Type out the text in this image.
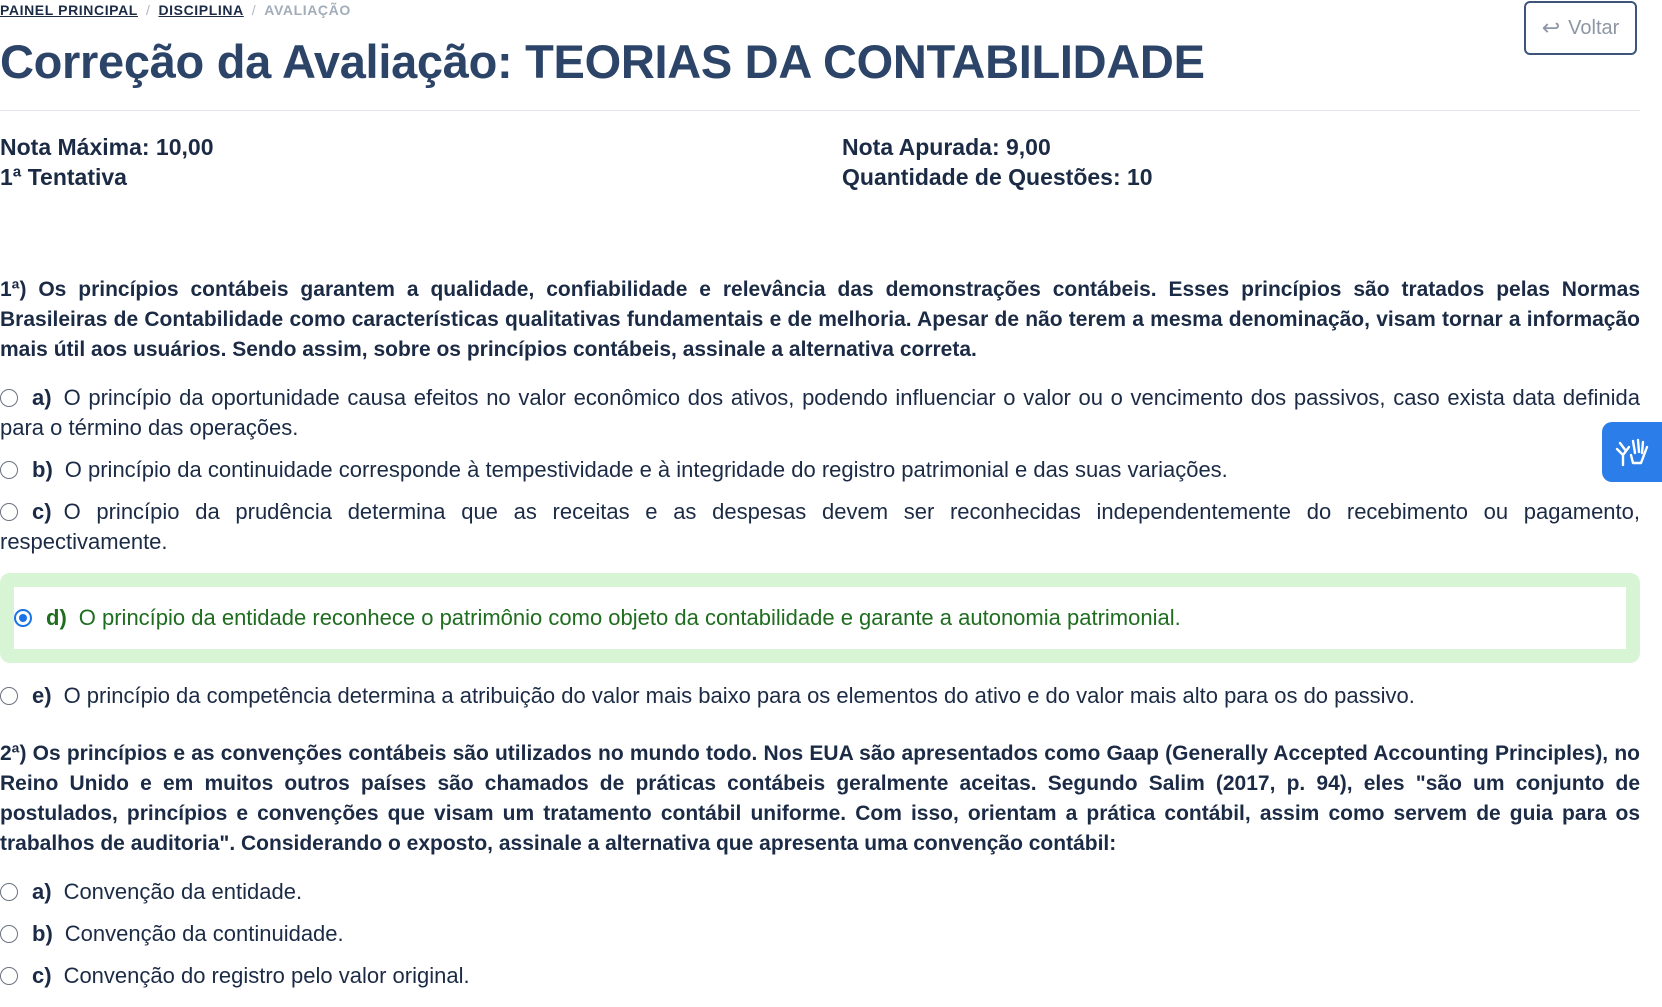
PAINEL PRINCIPAL / DISCIPLINA / AVALIAÇÃO
↩ Voltar
Correção da Avaliação: TEORIAS DA CONTABILIDADE
Nota Máxima: 10,00
1ª Tentativa
Nota Apurada: 9,00
Quantidade de Questões: 10

1ª) Os princípios contábeis garantem a qualidade, confiabilidade e relevância das demonstrações contábeis. Esses princípios são tratados pelas Normas Brasileiras de Contabilidade como características qualitativas fundamentais e de melhoria. Apesar de não terem a mesma denominação, visam tornar a informação mais útil aos usuários. Sendo assim, sobre os princípios contábeis, assinale a alternativa correta.

a) O princípio da oportunidade causa efeitos no valor econômico dos ativos, podendo influenciar o valor ou o vencimento dos passivos, caso exista data definida para o término das operações.
b) O princípio da continuidade corresponde à tempestividade e à integridade do registro patrimonial e das suas variações.
c) O princípio da prudência determina que as receitas e as despesas devem ser reconhecidas independentemente do recebimento ou pagamento, respectivamente.
d) O princípio da entidade reconhece o patrimônio como objeto da contabilidade e garante a autonomia patrimonial.
e) O princípio da competência determina a atribuição do valor mais baixo para os elementos do ativo e do valor mais alto para os do passivo.

2ª) Os princípios e as convenções contábeis são utilizados no mundo todo. Nos EUA são apresentados como Gaap (Generally Accepted Accounting Principles), no Reino Unido e em muitos outros países são chamados de práticas contábeis geralmente aceitas. Segundo Salim (2017, p. 94), eles "são um conjunto de postulados, princípios e convenções que visam um tratamento contábil uniforme. Com isso, orientam a prática contábil, assim como servem de guia para os trabalhos de auditoria". Considerando o exposto, assinale a alternativa que apresenta uma convenção contábil:

a) Convenção da entidade.
b) Convenção da continuidade.
c) Convenção do registro pelo valor original.
